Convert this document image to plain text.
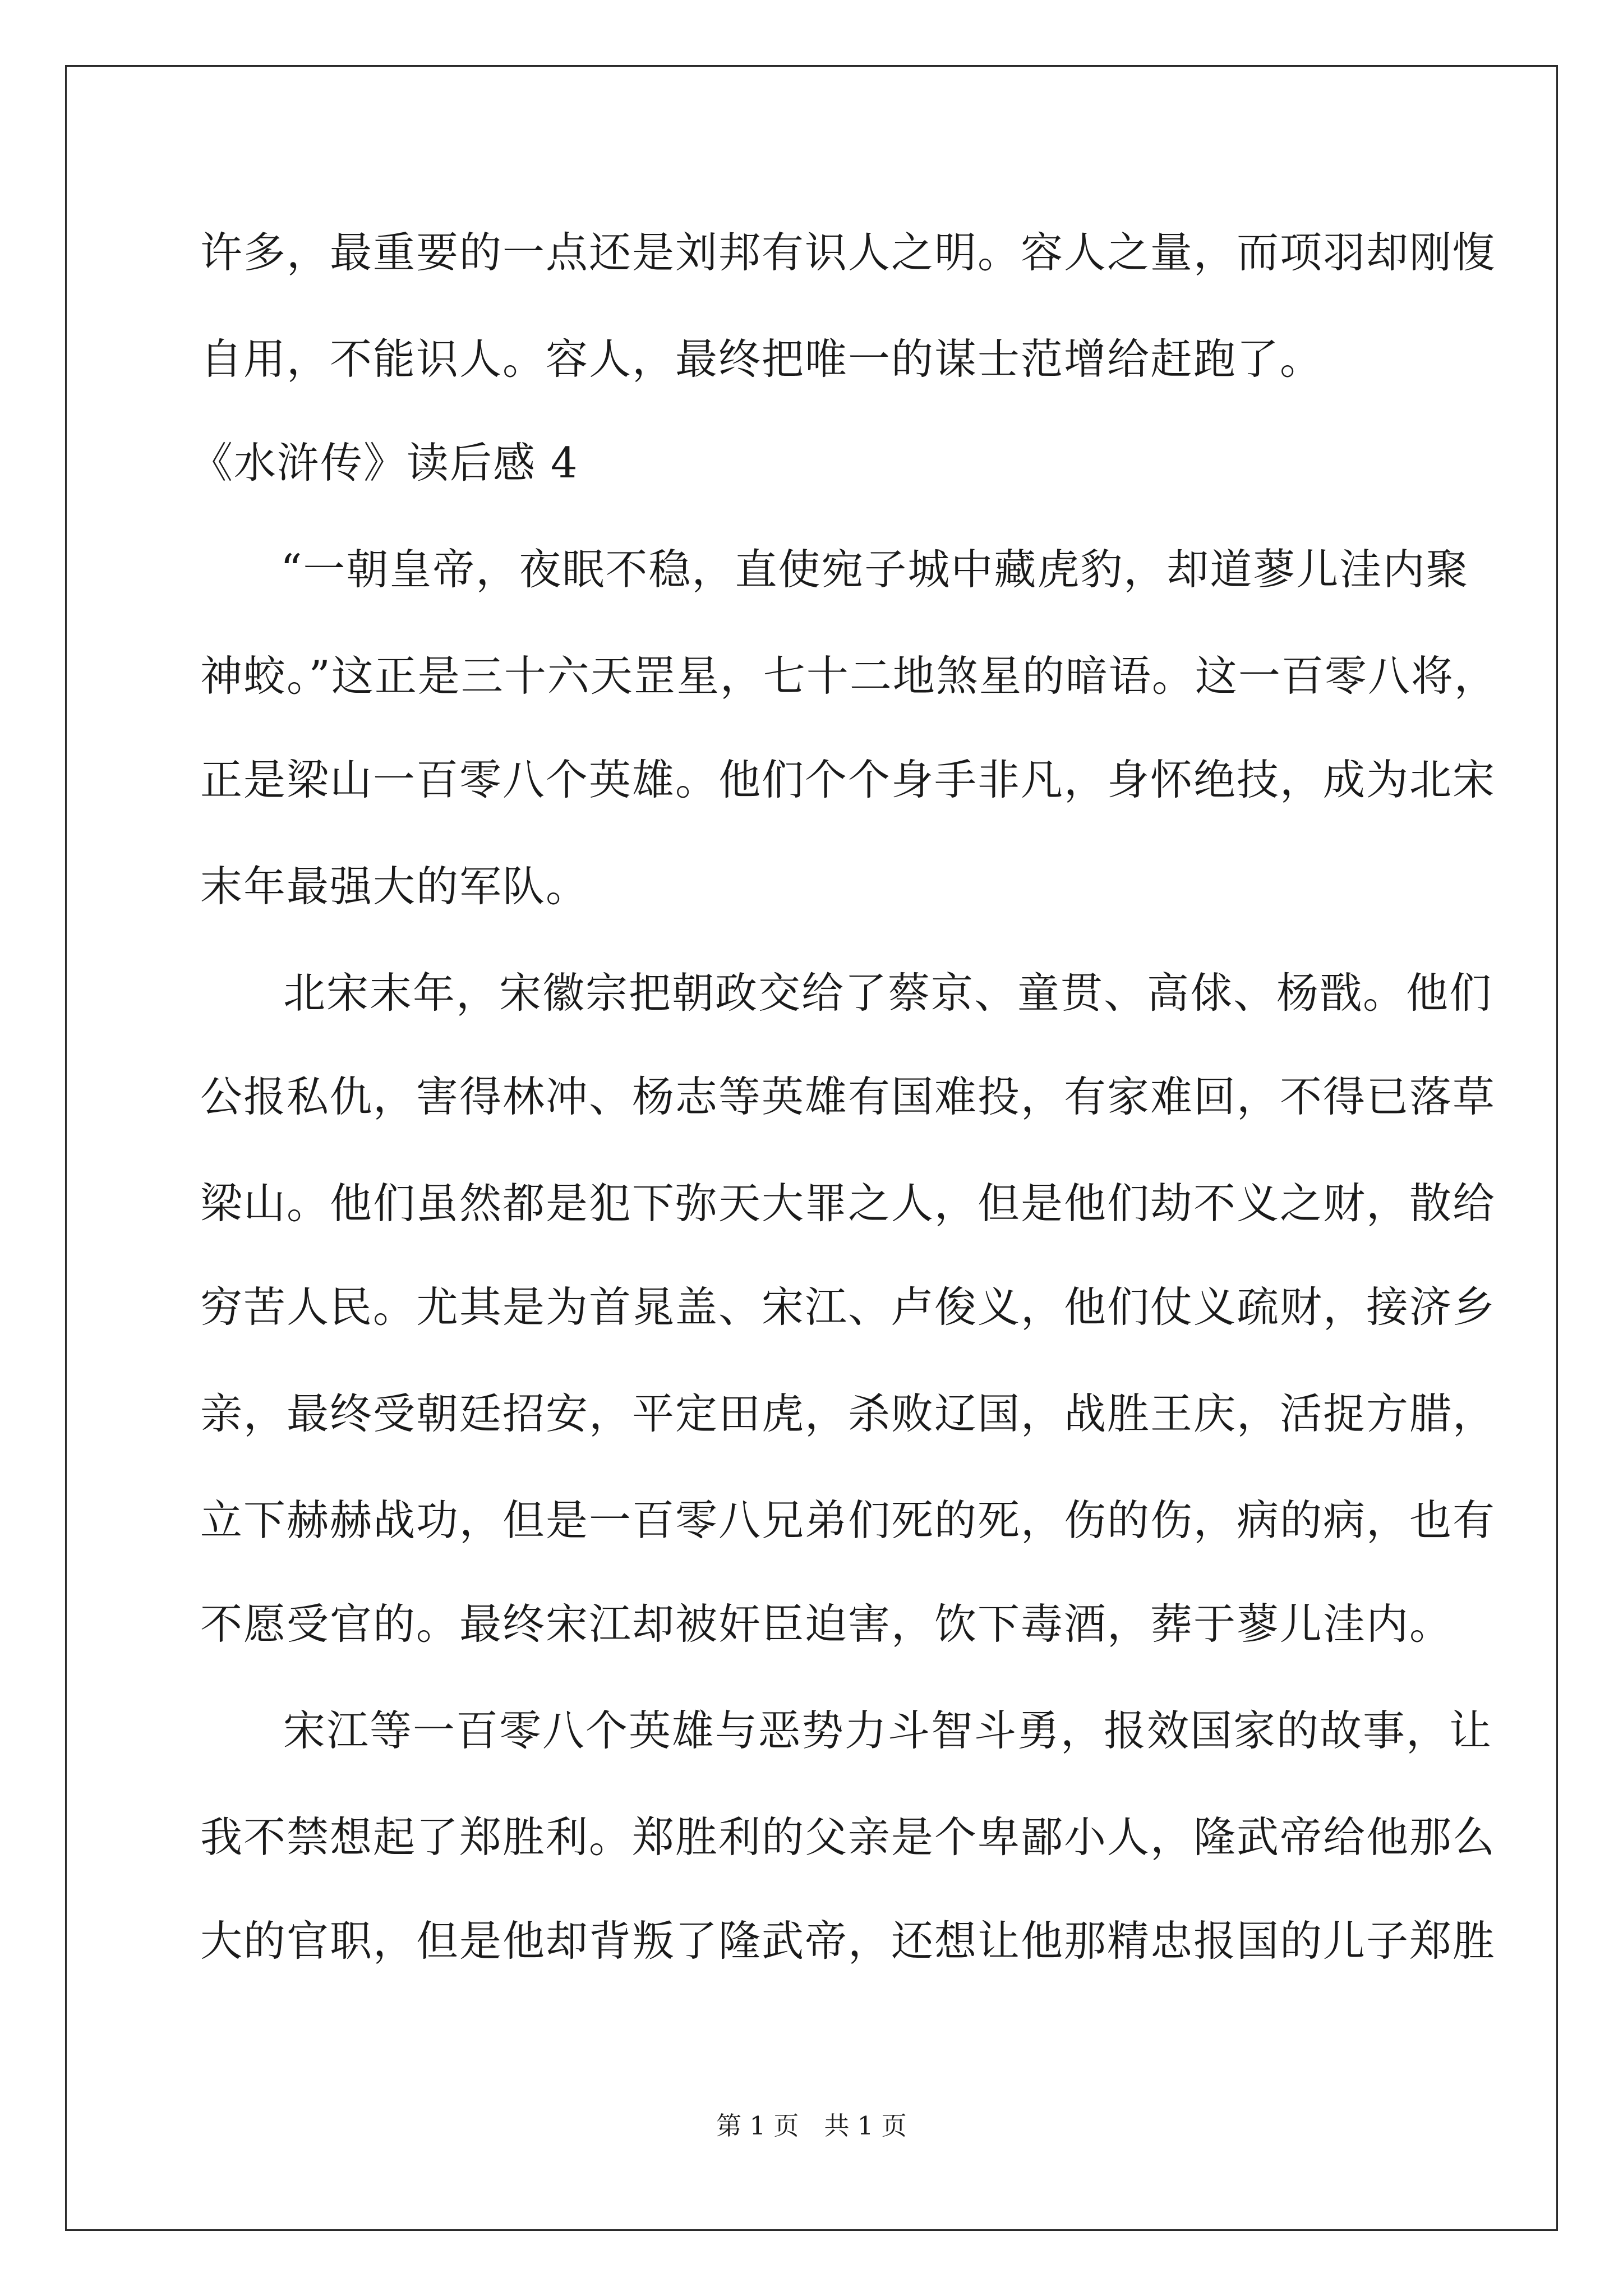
许多，最重要的一点还是刘邦有识人之明。容人之量，而项羽却刚愎
自用，不能识人。容人，最终把唯一的谋士范增给赶跑了。
《水浒传》读后感 4
“一朝皇帝，夜眠不稳，直使宛子城中藏虎豹，却道蓼儿洼内聚
神蛟。”这正是三十六天罡星，七十二地煞星的暗语。这一百零八将，
正是梁山一百零八个英雄。他们个个身手非凡，身怀绝技，成为北宋
末年最强大的军队。
北宋末年，宋徽宗把朝政交给了蔡京、童贯、高俅、杨戬。他们
公报私仇，害得林冲、杨志等英雄有国难投，有家难回，不得已落草
梁山。他们虽然都是犯下弥天大罪之人，但是他们劫不义之财，散给
穷苦人民。尤其是为首晁盖、宋江、卢俊义，他们仗义疏财，接济乡
亲，最终受朝廷招安，平定田虎，杀败辽国，战胜王庆，活捉方腊，
立下赫赫战功，但是一百零八兄弟们死的死，伤的伤，病的病，也有
不愿受官的。最终宋江却被奸臣迫害，饮下毒酒，葬于蓼儿洼内。
宋江等一百零八个英雄与恶势力斗智斗勇，报效国家的故事，让
我不禁想起了郑胜利。郑胜利的父亲是个卑鄙小人，隆武帝给他那么
大的官职，但是他却背叛了隆武帝，还想让他那精忠报国的儿子郑胜
第 1 页　共 1 页
